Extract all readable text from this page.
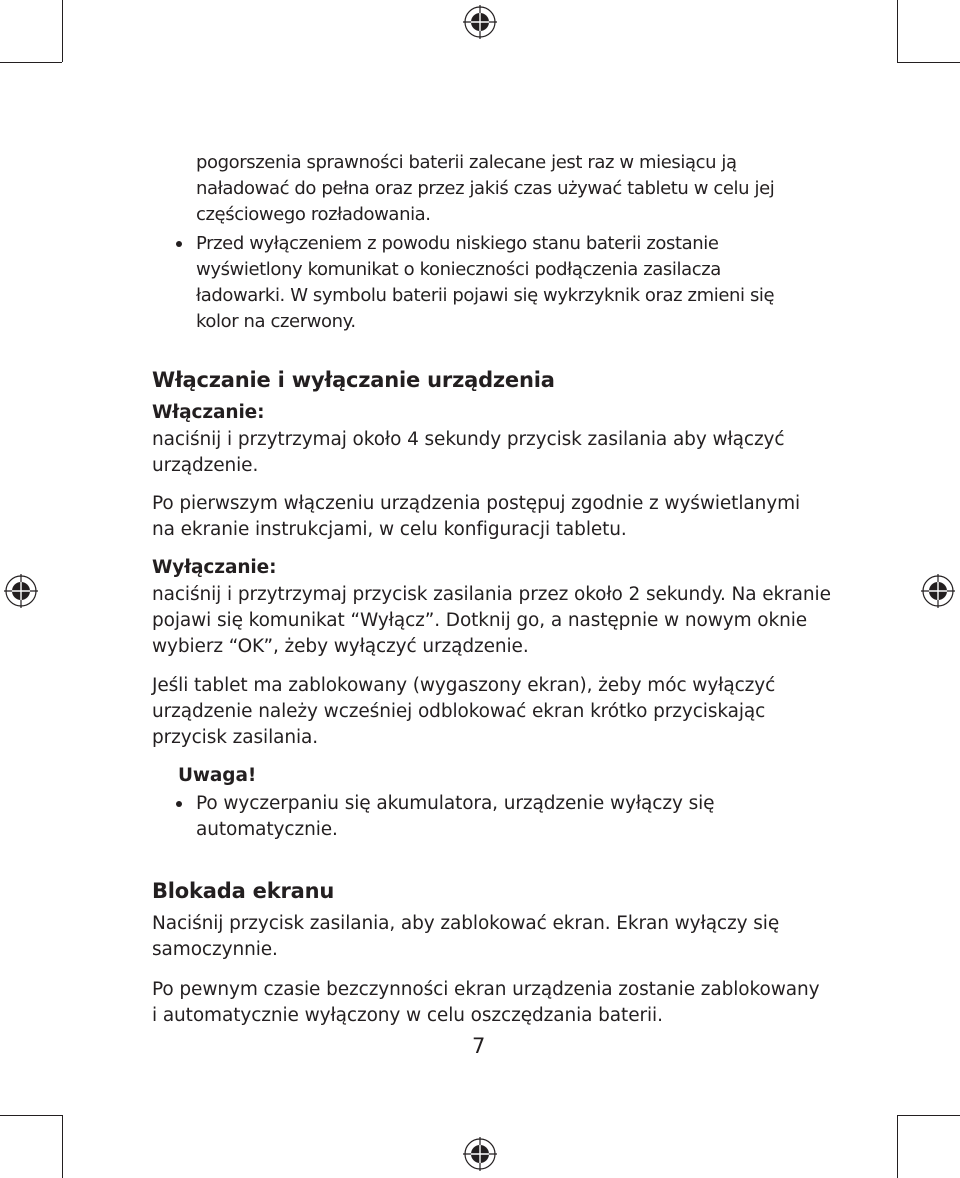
pogorszenia sprawności baterii zalecane jest raz w miesiącu ją
naładować do pełna oraz przez jakiś czas używać tabletu w celu jej
częściowego rozładowania.
Przed wyłączeniem z powodu niskiego stanu baterii zostanie
wyświetlony komunikat o konieczności podłączenia zasilacza
ładowarki. W symbolu baterii pojawi się wykrzyknik oraz zmieni się
kolor na czerwony.
Włączanie i wyłączanie urządzenia
Włączanie:
naciśnij i przytrzymaj około 4 sekundy przycisk zasilania aby włączyć
urządzenie.
Po pierwszym włączeniu urządzenia postępuj zgodnie z wyświetlanymi
na ekranie instrukcjami, w celu konfiguracji tabletu.
Wyłączanie:
naciśnij i przytrzymaj przycisk zasilania przez około 2 sekundy. Na ekranie
pojawi się komunikat “Wyłącz”. Dotknij go, a następnie w nowym oknie
wybierz “OK”, żeby wyłączyć urządzenie.
Jeśli tablet ma zablokowany (wygaszony ekran), żeby móc wyłączyć
urządzenie należy wcześniej odblokować ekran krótko przyciskając
przycisk zasilania.
Uwaga!
Po wyczerpaniu się akumulatora, urządzenie wyłączy się
automatycznie.
Blokada ekranu
Naciśnij przycisk zasilania, aby zablokować ekran. Ekran wyłączy się
samoczynnie.
Po pewnym czasie bezczynności ekran urządzenia zostanie zablokowany
i automatycznie wyłączony w celu oszczędzania baterii.
7
